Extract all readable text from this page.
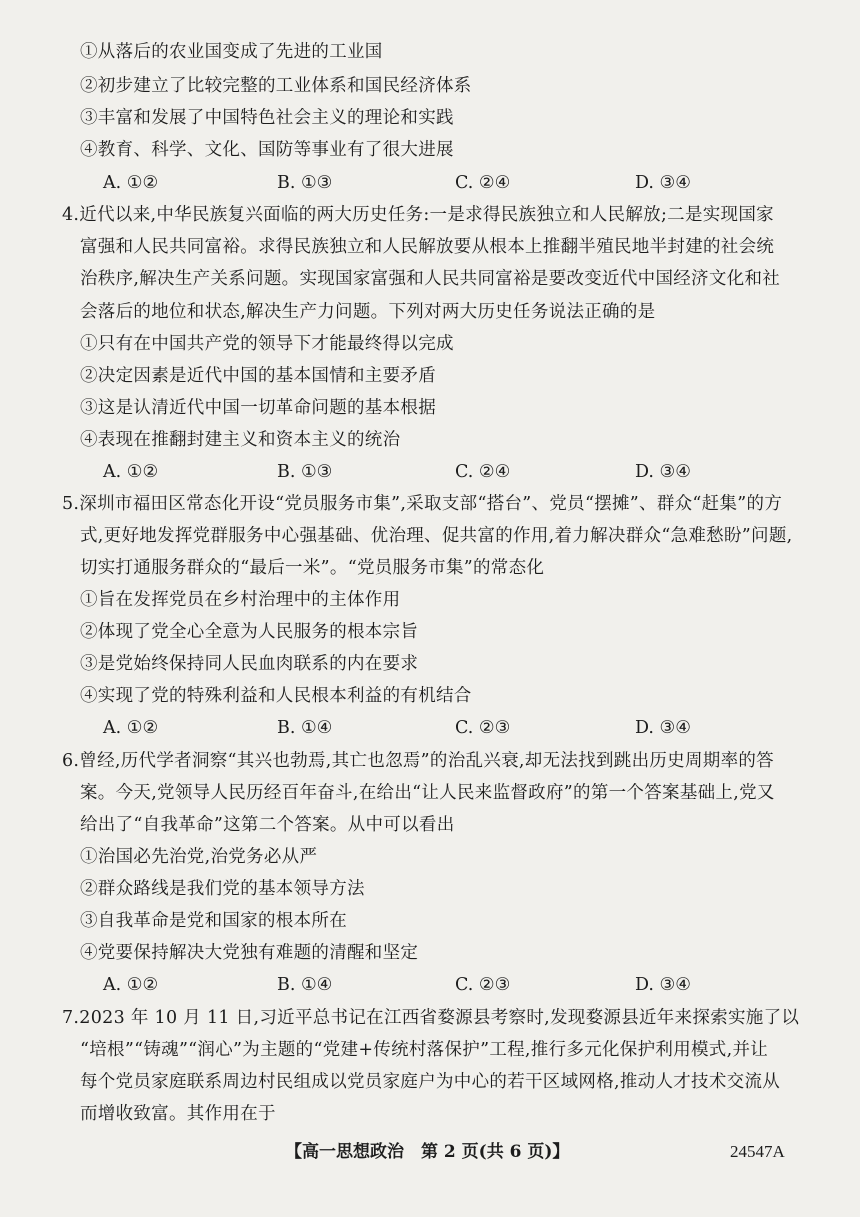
①从落后的农业国变成了先进的工业国
②初步建立了比较完整的工业体系和国民经济体系
③丰富和发展了中国特色社会主义的理论和实践
④教育、科学、文化、国防等事业有了很大进展
A. ①②	B. ①③	C. ②④	D. ③④
4.近代以来,中华民族复兴面临的两大历史任务:一是求得民族独立和人民解放;二是实现国家
富强和人民共同富裕。求得民族独立和人民解放要从根本上推翻半殖民地半封建的社会统
治秩序,解决生产关系问题。实现国家富强和人民共同富裕是要改变近代中国经济文化和社
会落后的地位和状态,解决生产力问题。下列对两大历史任务说法正确的是
①只有在中国共产党的领导下才能最终得以完成
②决定因素是近代中国的基本国情和主要矛盾
③这是认清近代中国一切革命问题的基本根据
④表现在推翻封建主义和资本主义的统治
A. ①②	B. ①③	C. ②④	D. ③④
5.深圳市福田区常态化开设“党员服务市集”,采取支部“搭台”、党员“摆摊”、群众“赶集”的方
式,更好地发挥党群服务中心强基础、优治理、促共富的作用,着力解决群众“急难愁盼”问题,
切实打通服务群众的“最后一米”。“党员服务市集”的常态化
①旨在发挥党员在乡村治理中的主体作用
②体现了党全心全意为人民服务的根本宗旨
③是党始终保持同人民血肉联系的内在要求
④实现了党的特殊利益和人民根本利益的有机结合
A. ①②	B. ①④	C. ②③	D. ③④
6.曾经,历代学者洞察“其兴也勃焉,其亡也忽焉”的治乱兴衰,却无法找到跳出历史周期率的答
案。今天,党领导人民历经百年奋斗,在给出“让人民来监督政府”的第一个答案基础上,党又
给出了“自我革命”这第二个答案。从中可以看出
①治国必先治党,治党务必从严
②群众路线是我们党的基本领导方法
③自我革命是党和国家的根本所在
④党要保持解决大党独有难题的清醒和坚定
A. ①②	B. ①④	C. ②③	D. ③④
7.2023 年 10 月 11 日,习近平总书记在江西省婺源县考察时,发现婺源县近年来探索实施了以
“培根”“铸魂”“润心”为主题的“党建+传统村落保护”工程,推行多元化保护利用模式,并让
每个党员家庭联系周边村民组成以党员家庭户为中心的若干区域网格,推动人才技术交流从
而增收致富。其作用在于
【高一思想政治　第 2 页(共 6 页)】	24547A
